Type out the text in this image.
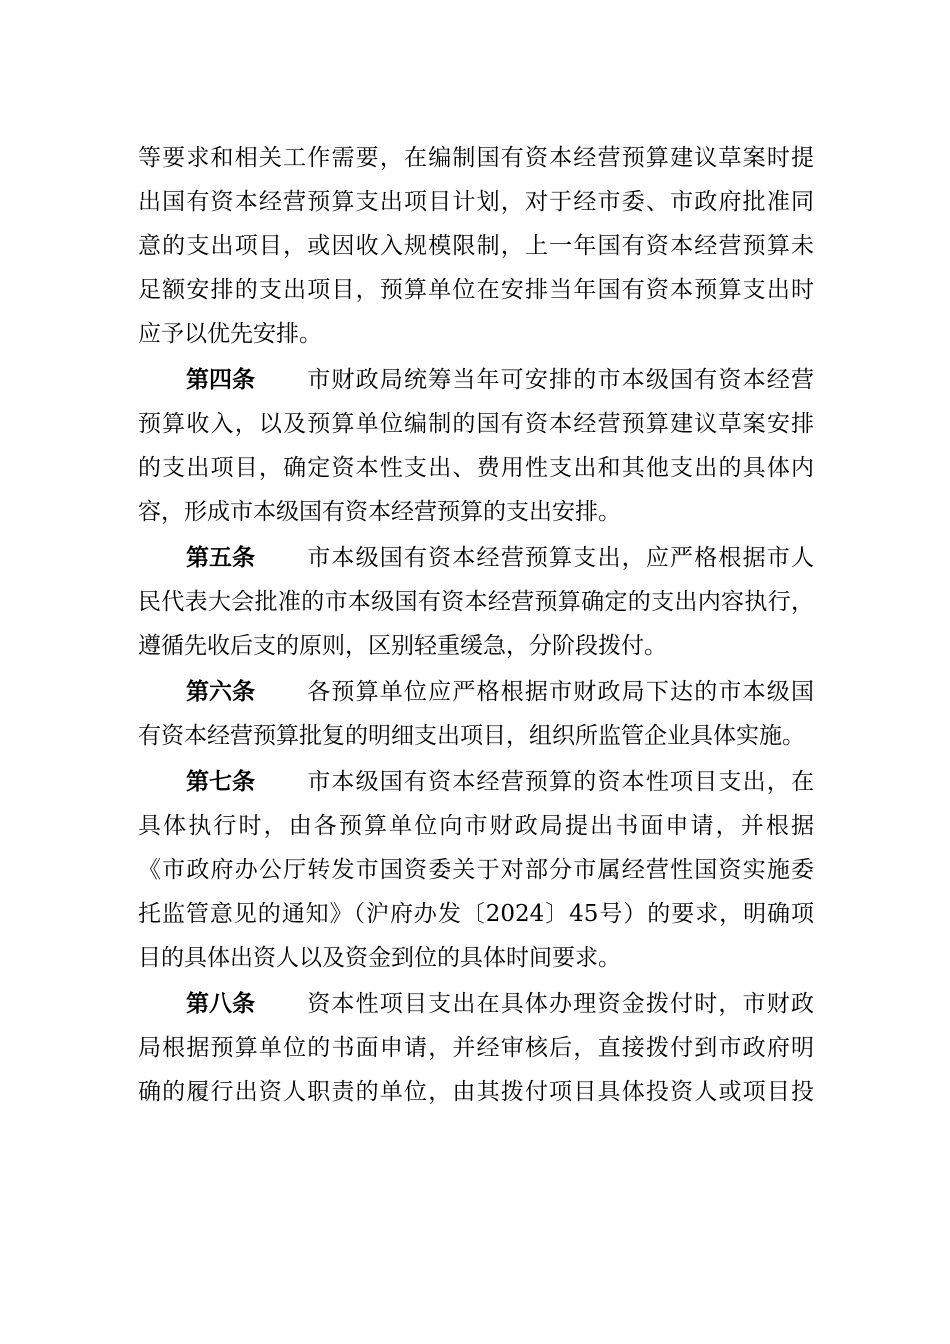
等要求和相关工作需要，在编制国有资本经营预算建议草案时提
出国有资本经营预算支出项目计划，对于经市委、市政府批准同
意的支出项目，或因收入规模限制，上一年国有资本经营预算未
足额安排的支出项目，预算单位在安排当年国有资本预算支出时
应予以优先安排。
第四条 市财政局统筹当年可安排的市本级国有资本经营
预算收入，以及预算单位编制的国有资本经营预算建议草案安排
的支出项目，确定资本性支出、费用性支出和其他支出的具体内
容，形成市本级国有资本经营预算的支出安排。
第五条 市本级国有资本经营预算支出，应严格根据市人
民代表大会批准的市本级国有资本经营预算确定的支出内容执行，
遵循先收后支的原则，区别轻重缓急，分阶段拨付。
第六条 各预算单位应严格根据市财政局下达的市本级国
有资本经营预算批复的明细支出项目，组织所监管企业具体实施。
第七条 市本级国有资本经营预算的资本性项目支出，在
具体执行时，由各预算单位向市财政局提出书面申请，并根据
《市政府办公厅转发市国资委关于对部分市属经营性国资实施委
托监管意见的通知》（沪府办发〔2024〕45号）的要求，明确项
目的具体出资人以及资金到位的具体时间要求。
第八条 资本性项目支出在具体办理资金拨付时，市财政
局根据预算单位的书面申请，并经审核后，直接拨付到市政府明
确的履行出资人职责的单位，由其拨付项目具体投资人或项目投
